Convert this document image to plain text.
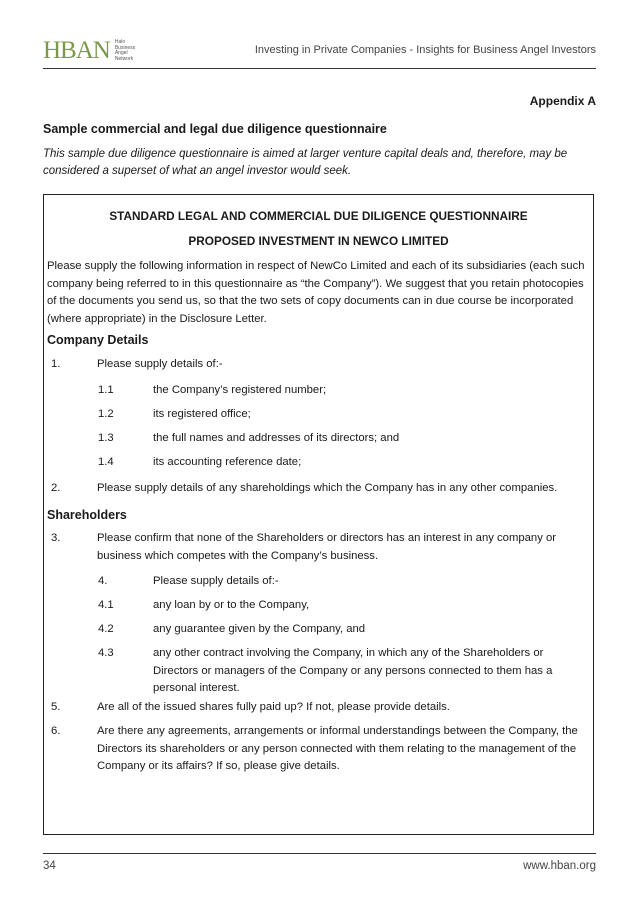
HBAN Halo
Business
Angel
Network
Investing in Private Companies - Insights for Business Angel Investors
Appendix A
Sample commercial and legal due diligence questionnaire
This sample due diligence questionnaire is aimed at larger venture capital deals and, therefore, may be considered a superset of what an angel investor would seek.
STANDARD LEGAL AND COMMERCIAL DUE DILIGENCE QUESTIONNAIRE
PROPOSED INVESTMENT IN NEWCO LIMITED
Please supply the following information in respect of NewCo Limited and each of its subsidiaries (each such company being referred to in this questionnaire as “the Company”). We suggest that you retain photocopies of the documents you send us, so that the two sets of copy documents can in due course be incorporated (where appropriate) in the Disclosure Letter.
Company Details
1.	Please supply details of:-
1.1	the Company’s registered number;
1.2	its registered office;
1.3	the full names and addresses of its directors; and
1.4	its accounting reference date;
2.	Please supply details of any shareholdings which the Company has in any other companies.
Shareholders
3.	Please confirm that none of the Shareholders or directors has an interest in any company or business which competes with the Company’s business.
4.	Please supply details of:-
4.1	any loan by or to the Company,
4.2	any guarantee given by the Company, and
4.3	any other contract involving the Company, in which any of the Shareholders or Directors or managers of the Company or any persons connected to them has a personal interest.
5.	Are all of the issued shares fully paid up? If not, please provide details.
6.	Are there any agreements, arrangements or informal understandings between the Company, the Directors its shareholders or any person connected with them relating to the management of the Company or its affairs? If so, please give details.
34	www.hban.org
